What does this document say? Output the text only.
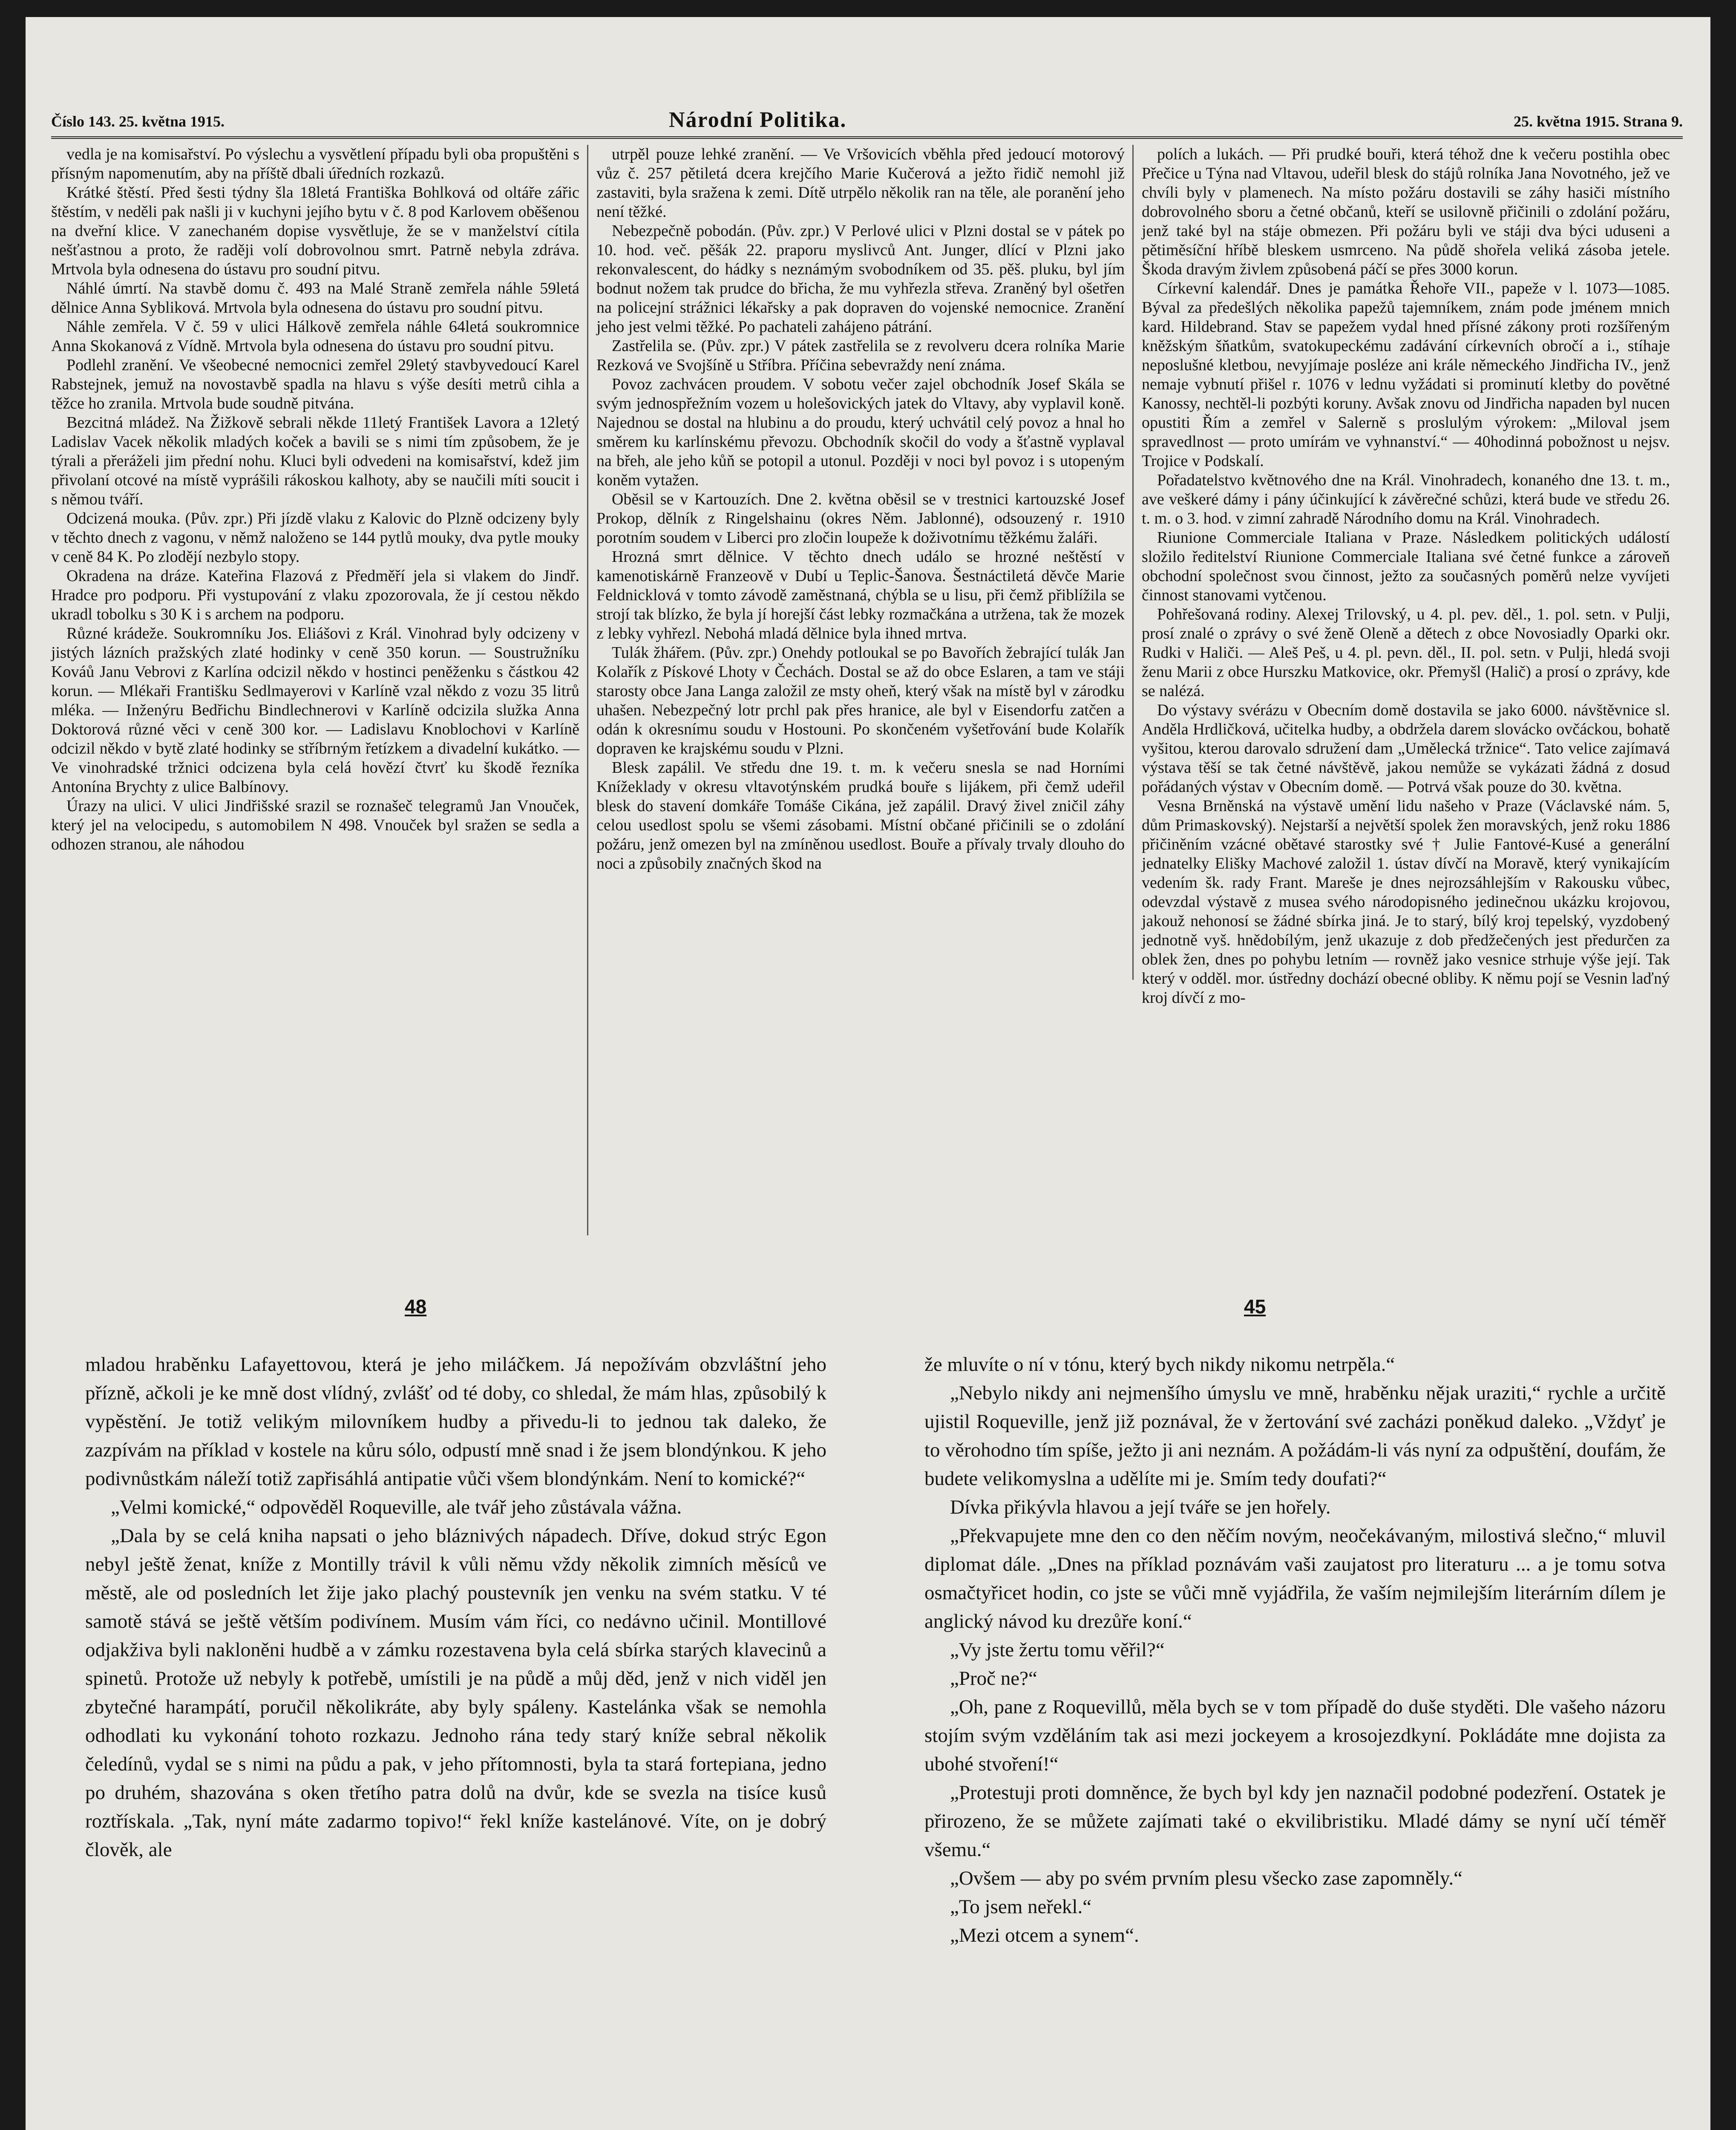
Číslo 143. 25. května 1915.	Národní Politika.	25. května 1915. Strana 9.

vedla je na komisařství. Po výslechu a vysvětlení případu byli oba propuštěni s přísným napomenutím, aby na příště dbali úředních rozkazů.

Krátké štěstí. Před šesti týdny šla 18letá Františka Bohlková od oltáře zářic štěstím, v neděli pak našli ji v kuchyni jejího bytu v č. 8 pod Karlovem oběšenou na dveřní klice. V zanechaném dopise vysvětluje, že se v manželství cítila nešťastnou a proto, že raději volí dobrovolnou smrt. Patrně nebyla zdráva. Mrtvola byla odnesena do ústavu pro soudní pitvu.

Náhlé úmrtí. Na stavbě domu č. 493 na Malé Straně zemřela náhle 59letá dělnice Anna Sybliková. Mrtvola byla odnesena do ústavu pro soudní pitvu.

Náhle zemřela. V č. 59 v ulici Hálkově zemřela náhle 64letá soukromnice Anna Skokanová z Vídně. Mrtvola byla odnesena do ústavu pro soudní pitvu.

Podlehl zranění. Ve všeobecné nemocnici zemřel 29letý stavbyvedoucí Karel Rabstejnek, jemuž na novostavbě spadla na hlavu s výše desíti metrů cihla a těžce ho zranila. Mrtvola bude soudně pitvána.

Bezcitná mládež. Na Žižkově sebrali někde 11letý František Lavora a 12letý Ladislav Vacek několik mladých koček a bavili se s nimi tím způsobem, že je týrali a přeráželi jim přední nohu. Kluci byli odvedeni na komisařství, kdež jim přivolaní otcové na místě vyprášili rákoskou kalhoty, aby se naučili míti soucit i s němou tváří.

Odcizená mouka. (Pův. zpr.) Při jízdě vlaku z Kalovic do Plzně odcizeny byly v těchto dnech z vagonu, v němž naloženo se 144 pytlů mouky, dva pytle mouky v ceně 84 K. Po zlodějí nezbylo stopy.

Okradena na dráze. Kateřina Flazová z Předměří jela si vlakem do Jindř. Hradce pro podporu. Při vystupování z vlaku zpozorovala, že jí cestou někdo ukradl tobolku s 30 K i s archem na podporu.

Různé krádeže. Soukromníku Jos. Eliášovi z Král. Vinohrad byly odcizeny v jistých lázních pražských zlaté hodinky v ceně 350 korun. — Soustružníku Kováů Janu Vebrovi z Karlína odcizil někdo v hostinci peněženku s částkou 42 korun. — Mlékaři Františku Sedlmayerovi v Karlíně vzal někdo z vozu 35 litrů mléka. — Inženýru Bedřichu Bindlechnerovi v Karlíně odcizila služka Anna Doktorová různé věci v ceně 300 kor. — Ladislavu Knoblochovi v Karlíně odcizil někdo v bytě zlaté hodinky se stříbrným řetízkem a divadelní kukátko. — Ve vinohradské tržnici odcizena byla celá hovězí čtvrť ku škodě řezníka Antonína Brychty z ulice Balbínovy.

Úrazy na ulici. V ulici Jindřišské srazil se roznašeč telegramů Jan Vnouček, který jel na velocipedu, s automobilem N 498. Vnouček byl sražen se sedla a odhozen stranou, ale náhodou

utrpěl pouze lehké zranění. — Ve Vršovicích vběhla před jedoucí motorový vůz č. 257 pětiletá dcera krejčího Marie Kučerová a ježto řidič nemohl již zastaviti, byla sražena k zemi. Dítě utrpělo několik ran na těle, ale poranění jeho není těžké.

Nebezpečně pobodán. (Pův. zpr.) V Perlové ulici v Plzni dostal se v pátek po 10. hod. več. pěšák 22. praporu myslivců Ant. Junger, dlící v Plzni jako rekonvalescent, do hádky s neznámým svobodníkem od 35. pěš. pluku, byl jím bodnut nožem tak prudce do břicha, že mu vyhřezla střeva. Zraněný byl ošetřen na policejní strážnici lékařsky a pak dopraven do vojenské nemocnice. Zranění jeho jest velmi těžké. Po pachateli zahájeno pátrání.

Zastřelila se. (Pův. zpr.) V pátek zastřelila se z revolveru dcera rolníka Marie Rezková ve Svojšíně u Stříbra. Příčina sebevraždy není známa.

Povoz zachvácen proudem. V sobotu večer zajel obchodník Josef Skála se svým jednospřežním vozem u holešovických jatek do Vltavy, aby vyplavil koně. Najednou se dostal na hlubinu a do proudu, který uchvátil celý povoz a hnal ho směrem ku karlínskému převozu. Obchodník skočil do vody a šťastně vyplaval na břeh, ale jeho kůň se potopil a utonul. Později v noci byl povoz i s utopeným koněm vytažen.

Oběsil se v Kartouzích. Dne 2. května oběsil se v trestnici kartouzské Josef Prokop, dělník z Ringelshainu (okres Něm. Jablonné), odsouzený r. 1910 porotním soudem v Liberci pro zločin loupeže k doživotnímu těžkému žaláři.

Hrozná smrt dělnice. V těchto dnech událo se hrozné neštěstí v kamenotiskárně Franzeově v Dubí u Teplic-Šanova. Šestnáctiletá děvče Marie Feldnicklová v tomto závodě zaměstnaná, chýbla se u lisu, při čemž přiblížila se strojí tak blízko, že byla jí horejší část lebky rozmačkána a utržena, tak že mozek z lebky vyhřezl. Nebohá mladá dělnice byla ihned mrtva.

Tulák žhářem. (Pův. zpr.) Onehdy potloukal se po Bavořích žebrající tulák Jan Kolařík z Pískové Lhoty v Čechách. Dostal se až do obce Eslaren, a tam ve stáji starosty obce Jana Langa založil ze msty oheň, který však na místě byl v zárodku uhašen. Nebezpečný lotr prchl pak přes hranice, ale byl v Eisendorfu zatčen a odán k okresnímu soudu v Hostouni. Po skončeném vyšetřování bude Kolařík dopraven ke krajskému soudu v Plzni.

Blesk zapálil. Ve středu dne 19. t. m. k večeru snesla se nad Horními Knížeklady v okresu vltavotýnském prudká bouře s lijákem, při čemž udeřil blesk do stavení domkáře Tomáše Cikána, jež zapálil. Dravý živel zničil záhy celou usedlost spolu se všemi zásobami. Místní občané přičinili se o zdolání požáru, jenž omezen byl na zmíněnou usedlost. Bouře a přívaly trvaly dlouho do noci a způsobily značných škod na

polích a lukách. — Při prudké bouři, která téhož dne k večeru postihla obec Přečice u Týna nad Vltavou, udeřil blesk do stájů rolníka Jana Novotného, jež ve chvíli byly v plamenech. Na místo požáru dostavili se záhy hasiči místního dobrovolného sboru a četné občanů, kteří se usilovně přičinili o zdolání požáru, jenž také byl na stáje obmezen. Při požáru byli ve stáji dva býci uduseni a pětiměsíční hříbě bleskem usmrceno. Na půdě shořela veliká zásoba jetele. Škoda dravým živlem způsobená páčí se přes 3000 korun.

Církevní kalendář. Dnes je památka Řehoře VII., papeže v l. 1073—1085. Býval za předešlých několika papežů tajemníkem, znám pode jménem mnich kard. Hildebrand. Stav se papežem vydal hned přísné zákony proti rozšířeným kněžským šňatkům, svatokupeckému zadávání církevních obročí a i., stíhaje neposlušné kletbou, nevyjímaje posléze ani krále německého Jindřicha IV., jenž nemaje vybnutí přišel r. 1076 v lednu vyžádati si prominutí kletby do povětné Kanossy, nechtěl-li pozbýti koruny. Avšak znovu od Jindřicha napaden byl nucen opustiti Řím a zemřel v Salerně s proslulým výrokem: „Miloval jsem spravedlnost — proto umírám ve vyhnanství.“ — 40hodinná pobožnost u nejsv. Trojice v Podskalí.

Pořadatelstvo květnového dne na Král. Vinohradech, konaného dne 13. t. m., ave veškeré dámy i pány účinkující k závěrečné schůzi, která bude ve středu 26. t. m. o 3. hod. v zimní zahradě Národního domu na Král. Vinohradech.

Riunione Commerciale Italiana v Praze. Následkem politických událostí složilo ředitelství Riunione Commerciale Italiana své četné funkce a zároveň obchodní společnost svou činnost, ježto za současných poměrů nelze vyvíjeti činnost stanovami vytčenou.

Pohřešovaná rodiny. Alexej Trilovský, u 4. pl. pev. děl., 1. pol. setn. v Pulji, prosí znalé o zprávy o své ženě Oleně a dětech z obce Novosiadly Oparki okr. Rudki v Haliči. — Aleš Peš, u 4. pl. pevn. děl., II. pol. setn. v Pulji, hledá svoji ženu Marii z obce Hurszku Matkovice, okr. Přemyšl (Halič) a prosí o zprávy, kde se nalézá.

Do výstavy svérázu v Obecním domě dostavila se jako 6000. návštěvnice sl. Anděla Hrdličková, učitelka hudby, a obdržela darem slovácko ovčáckou, bohatě vyšitou, kterou darovalo sdružení dam „Umělecká tržnice“. Tato velice zajímavá výstava těší se tak četné návštěvě, jakou nemůže se vykázati žádná z dosud pořádaných výstav v Obecním domě. — Potrvá však pouze do 30. května.

Vesna Brněnská na výstavě umění lidu našeho v Praze (Václavské nám. 5, dům Primaskovský). Nejstarší a největší spolek žen moravských, jenž roku 1886 přičiněním vzácné obětavé starostky své † Julie Fantové-Kusé a generální jednatelky Elišky Machové založil 1. ústav dívčí na Moravě, který vynikajícím vedením šk. rady Frant. Mareše je dnes nejrozsáhlejším v Rakousku vůbec, odevzdal výstavě z musea svého národopisného jedinečnou ukázku krojovou, jakouž nehonosí se žádné sbírka jiná. Je to starý, bílý kroj tepelský, vyzdobený jednotně vyš. hnědobílým, jenž ukazuje z dob předžečených jest předurčen za oblek žen, dnes po pohybu letním — rovněž jako vesnice strhuje výše její. Tak který v odděl. mor. ústředny dochází obecné obliby. K němu pojí se Vesnin laďný kroj dívčí z mo-

48	45

mladou hraběnku Lafayettovou, která je jeho miláčkem. Já nepožívám obzvláštní jeho přízně, ačkoli je ke mně dost vlídný, zvlášť od té doby, co shledal, že mám hlas, způsobilý k vypěstění. Je totiž velikým milovníkem hudby a přivedu-li to jednou tak daleko, že zazpívám na příklad v kostele na kůru sólo, odpustí mně snad i že jsem blondýnkou. K jeho podivnůstkám náleží totiž zapřisáhlá antipatie vůči všem blondýnkám. Není to komické?“

„Velmi komické,“ odpověděl Roqueville, ale tvář jeho zůstávala vážna.

„Dala by se celá kniha napsati o jeho bláznivých nápadech. Dříve, dokud strýc Egon nebyl ještě ženat, kníže z Montilly trávil k vůli němu vždy několik zimních měsíců ve městě, ale od posledních let žije jako plachý poustevník jen venku na svém statku. V té samotě stává se ještě větším podivínem. Musím vám říci, co nedávno učinil. Montillové odjakživa byli nakloněni hudbě a v zámku rozestavena byla celá sbírka starých klavecinů a spinetů. Protože už nebyly k potřebě, umístili je na půdě a můj děd, jenž v nich viděl jen zbytečné harampátí, poručil několikráte, aby byly spáleny. Kastelánka však se nemohla odhodlati ku vykonání tohoto rozkazu. Jednoho rána tedy starý kníže sebral několik čeledínů, vydal se s nimi na půdu a pak, v jeho přítomnosti, byla ta stará fortepiana, jedno po druhém, shazována s oken třetího patra dolů na dvůr, kde se svezla na tisíce kusů roztřískala. „Tak, nyní máte zadarmo topivo!“ řekl kníže kastelánové. Víte, on je dobrý člověk, ale

že mluvíte o ní v tónu, který bych nikdy nikomu netrpěla.“

„Nebylo nikdy ani nejmenšího úmyslu ve mně, hraběnku nějak uraziti,“ rychle a určitě ujistil Roqueville, jenž již poznával, že v žertování své zacházi poněkud daleko. „Vždyť je to věrohodno tím spíše, ježto ji ani neznám. A požádám-li vás nyní za odpuštění, doufám, že budete velikomyslna a udělíte mi je. Smím tedy doufati?“

Dívka přikývla hlavou a její tváře se jen hořely.

„Překvapujete mne den co den něčím novým, neočekávaným, milostivá slečno,“ mluvil diplomat dále. „Dnes na příklad poznávám vaši zaujatost pro literaturu ... a je tomu sotva osmačtyřicet hodin, co jste se vůči mně vyjádřila, že vaším nejmilejším literárním dílem je anglický návod ku drezůře koní.“

„Vy jste žertu tomu věřil?“

„Proč ne?“

„Oh, pane z Roquevillů, měla bych se v tom případě do duše styděti. Dle vašeho názoru stojím svým vzděláním tak asi mezi jockeyem a krosojezdkyní. Pokládáte mne dojista za ubohé stvoření!“

„Protestuji proti domněnce, že bych byl kdy jen naznačil podobné podezření. Ostatek je přirozeno, že se můžete zajímati také o ekvilibristiku. Mladé dámy se nyní učí téměř všemu.“

„Ovšem — aby po svém prvním plesu všecko zase zapomněly.“

„To jsem neřekl.“

„Mezi otcem a synem“.
